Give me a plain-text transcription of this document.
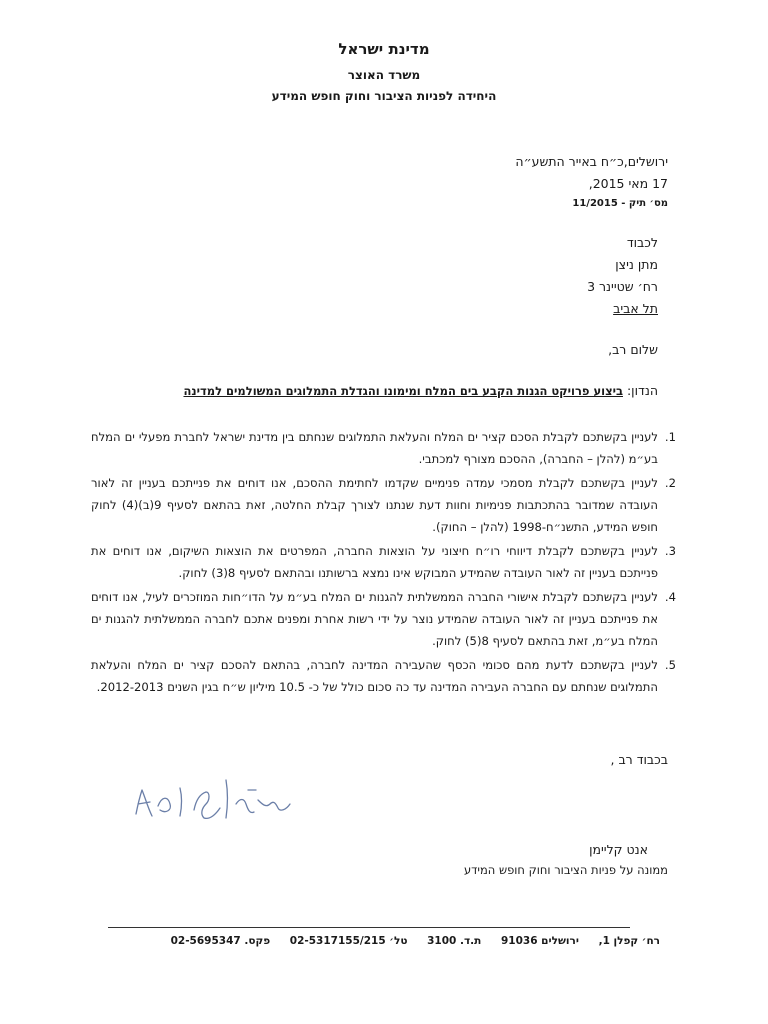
מדינת ישראל
משרד האוצר
היחידה לפניות הציבור וחוק חופש המידע
ירושלים,כ״ח באייר התשע״ה
17 מאי 2015,
מס׳ תיק - 11/2015
לכבוד
מתן ניצן
רח׳ שטיינר 3
תל אביב
שלום רב,
הנדון: ביצוע פרויקט הגנות הקבע בים המלח ומימונו והגדלת התמלוגים המשולמים למדינה
1.
לעניין בקשתכם לקבלת הסכם קציר ים המלח והעלאת התמלוגים שנחתם בין מדינת ישראל לחברת מפעלי ים המלח בע״מ (להלן – החברה), ההסכם מצורף למכתבי.
2.
לעניין בקשתכם לקבלת מסמכי עמדה פנימיים שקדמו לחתימת ההסכם, אנו דוחים את פנייתכם בעניין זה לאור העובדה שמדובר בהתכתבות פנימיות וחוות דעת שנתנו לצורך קבלת החלטה, זאת בהתאם לסעיף 9(ב)(4) לחוק חופש המידע, התשנ״ח-1998 (להלן – החוק).
3.
לעניין בקשתכם לקבלת דיווחי רו״ח חיצוני על הוצאות החברה, המפרטים את הוצאות השיקום, אנו דוחים את פנייתכם בעניין זה לאור העובדה שהמידע המבוקש אינו נמצא ברשותנו ובהתאם לסעיף 8(3) לחוק.
4.
לעניין בקשתכם לקבלת אישורי החברה הממשלתית להגנות ים המלח בע״מ על הדו״חות המוזכרים לעיל, אנו דוחים את פנייתכם בעניין זה לאור העובדה שהמידע נוצר על ידי רשות אחרת ומפנים אתכם לחברה הממשלתית להגנות ים המלח בע״מ, זאת בהתאם לסעיף 8(5) לחוק.
5.
לעניין בקשתכם לדעת מהם סכומי הכסף שהעבירה המדינה לחברה, בהתאם להסכם קציר ים המלח והעלאת התמלוגים שנחתם עם החברה העבירה המדינה עד כה סכום כולל של כ- 10.5 מיליון ש״ח בגין השנים 2012-2013.
בכבוד רב ,
אנט קליימן
ממונה על פניות הציבור וחוק חופש המידע
רח׳ קפלן 1, ירושלים 91036 ת.ד. 3100 טל׳ 02-5317155/215 פקס. 02-5695347
